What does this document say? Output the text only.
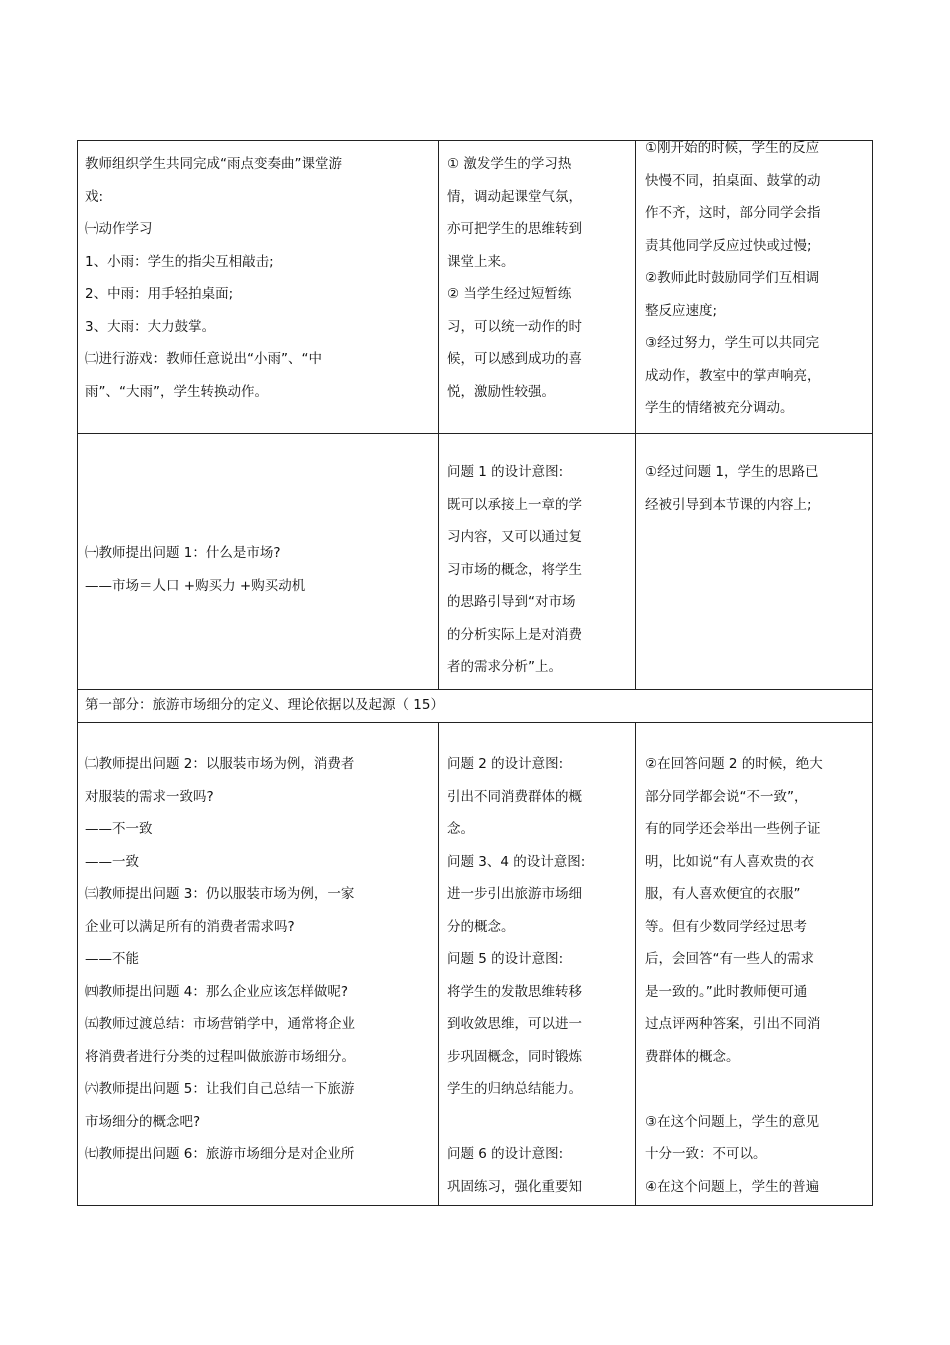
教师组织学生共同完成“雨点变奏曲”课堂游
戏:
㈠动作学习
1、小雨：学生的指尖互相敲击;
2、中雨：用手轻拍桌面;
3、大雨：大力鼓掌。
㈡进行游戏：教师任意说出“小雨”、“中
雨”、“大雨”，学生转换动作。
① 激发学生的学习热
情，调动起课堂气氛，
亦可把学生的思维转到
课堂上来。
② 当学生经过短暂练
习，可以统一动作的时
候，可以感到成功的喜
悦，激励性较强。
①刚开始的时候，学生的反应
快慢不同，拍桌面、鼓掌的动
作不齐，这时，部分同学会指
责其他同学反应过快或过慢;
②教师此时鼓励同学们互相调
整反应速度;
③经过努力，学生可以共同完
成动作，教室中的掌声响亮，
学生的情绪被充分调动。
㈠教师提出问题 1：什么是市场?
——市场＝人口 +购买力 +购买动机
问题 1 的设计意图:
既可以承接上一章的学
习内容，又可以通过复
习市场的概念，将学生
的思路引导到“对市场
的分析实际上是对消费
者的需求分析”上。
①经过问题 1，学生的思路已
经被引导到本节课的内容上;
第一部分：旅游市场细分的定义、理论依据以及起源（ 15）
㈡教师提出问题 2：以服装市场为例，消费者
对服装的需求一致吗?
——不一致
——一致
㈢教师提出问题 3：仍以服装市场为例，一家
企业可以满足所有的消费者需求吗?
——不能
㈣教师提出问题 4：那么企业应该怎样做呢?
㈤教师过渡总结：市场营销学中，通常将企业
将消费者进行分类的过程叫做旅游市场细分。
㈥教师提出问题 5：让我们自己总结一下旅游
市场细分的概念吧?
㈦教师提出问题 6：旅游市场细分是对企业所
问题 2 的设计意图:
引出不同消费群体的概
念。
问题 3、4 的设计意图:
进一步引出旅游市场细
分的概念。
问题 5 的设计意图:
将学生的发散思维转移
到收敛思维，可以进一
步巩固概念，同时锻炼
学生的归纳总结能力。
问题 6 的设计意图:
巩固练习，强化重要知
②在回答问题 2 的时候，绝大
部分同学都会说“不一致”，
有的同学还会举出一些例子证
明，比如说“有人喜欢贵的衣
服，有人喜欢便宜的衣服”
等。但有少数同学经过思考
后，会回答“有一些人的需求
是一致的。”此时教师便可通
过点评两种答案，引出不同消
费群体的概念。
③在这个问题上，学生的意见
十分一致：不可以。
④在这个问题上，学生的普遍
